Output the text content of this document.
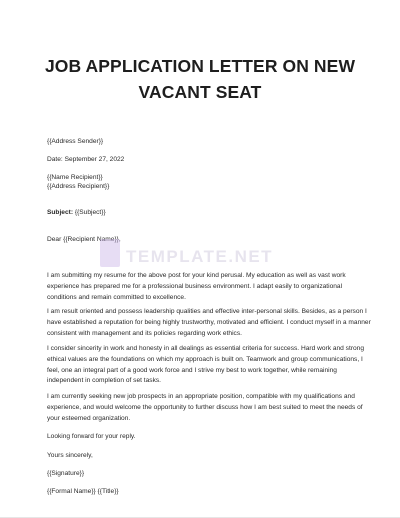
JOB APPLICATION LETTER ON NEW VACANT SEAT
{{Address Sender}}
Date: September 27, 2022
{{Name Recipient}}
{{Address Recipient}}
Subject: {{Subject}}
Dear {{Recipient Name}},
I am submitting my resume for the above post for your kind perusal. My education as well as vast work experience has prepared me for a professional business environment. I adapt easily to organizational conditions and remain committed to excellence.
I am result oriented and possess leadership qualities and effective inter-personal skills. Besides, as a person I have established a reputation for being highly trustworthy, motivated and efficient. I conduct myself in a manner consistent with management and its policies regarding work ethics.
I consider sincerity in work and honesty in all dealings as essential criteria for success. Hard work and strong ethical values are the foundations on which my approach is built on. Teamwork and group communications, I feel, one an integral part of a good work force and I strive my best to work together, while remaining independent in completion of set tasks.
I am currently seeking new job prospects in an appropriate position, compatible with my qualifications and experience, and would welcome the opportunity to further discuss how I am best suited to meet the needs of your esteemed organization.
Looking forward for your reply.
Yours sincerely,
{{Signature}}
{{Formal Name}} {{Title}}
TEMPLATE.NET
